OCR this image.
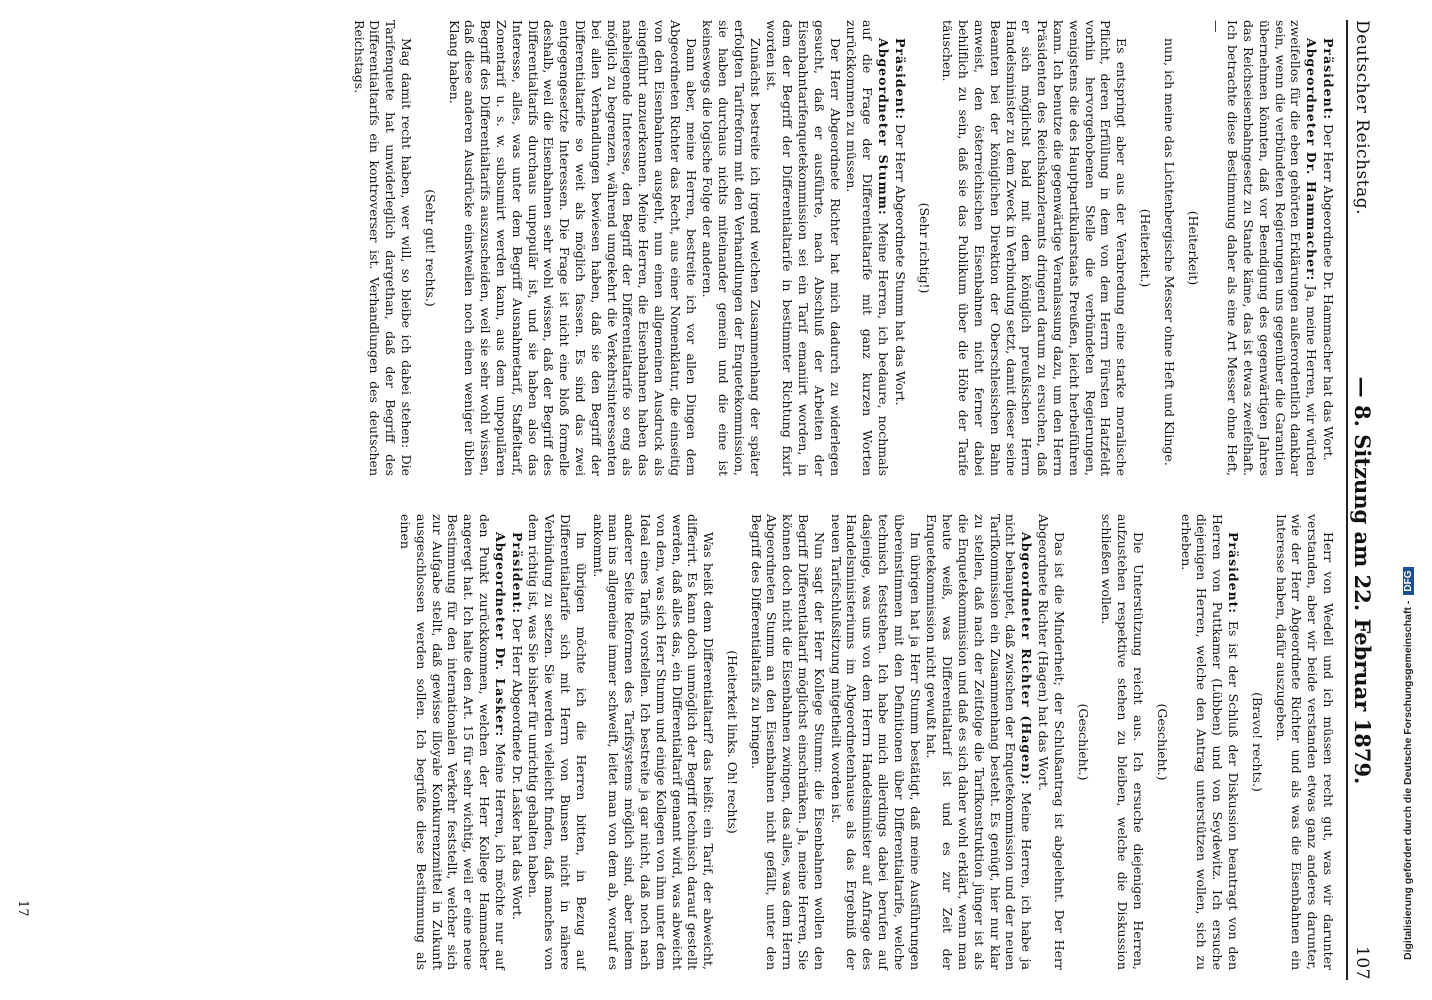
Deutscher Reichstag.
— 8. Sitzung am 22. Februar 1879.
107

Präsident: Der Herr Abgeordnete Dr. Hammacher hat das Wort.

Abgeordneter Dr. Hammacher: Ja, meine Herren, wir würden zweifellos für die eben gehörten Erklärungen außerordentlich dankbar sein, wenn die verbündeten Regierungen uns gegenüber die Garantien übernehmen könnten, daß vor Beendigung des gegenwärtigen Jahres das Reichseisenbahngesetz zu Stande käme, das ist etwas zweifelhaft. Ich betrachte diese Bestimmung daher als eine Art Messer ohne Heft, —

(Heiterkeit)

nun, ich meine das Lichtenbergische Messer ohne Heft und Klinge.

(Heiterkeit.)

Es entspringt aber aus der Verabredung eine starke moralische Pflicht, deren Erfüllung in dem von dem Herrn Fürsten Hatzfeldt vorhin hervorgehobenen Stelle die verbündeten Regierungen, wenigstens die des Hauptpartikularstaats Preußen, leicht herbeiführen kann. Ich benutze die gegenwärtige Veranlassung dazu, um den Herrn Präsidenten des Reichskanzleramts dringend darum zu ersuchen, daß er sich möglichst bald mit dem königlich preußischen Herrn Handelsminister zu dem Zweck in Verbindung setzt, damit dieser seine Beamten bei der königlichen Direktion der Oberschlesischen Bahn anweist, den österreichischen Eisenbahnen nicht ferner dabei behilflich zu sein, daß sie das Publikum über die Höhe der Tarife täuschen.

(Sehr richtig!)

Präsident: Der Herr Abgeordnete Stumm hat das Wort.

Abgeordneter Stumm: Meine Herren, ich bedaure, nochmals auf die Frage der Differentialtarife mit ganz kurzen Worten zurückkommen zu müssen.

Der Herr Abgeordnete Richter hat mich dadurch zu widerlegen gesucht, daß er ausführte, nach Abschluß der Arbeiten der Eisenbahntarifenquetekommission sei ein Tarif emaniirt worden, in dem der Begriff der Differentialtarife in bestimmter Richtung fixirt worden ist.

Zunächst bestreite ich irgend welchen Zusammenhang der später erfolgten Tarifreform mit den Verhandlungen der Enquetekommission, sie haben durchaus nichts miteinander gemein und die eine ist keineswegs die logische Folge der anderen.

Dann aber, meine Herren, bestreite ich vor allen Dingen dem Abgeordneten Richter das Recht, aus einer Nomenklatur, die einseitig von den Eisenbahnen ausgeht, nun einen allgemeinen Ausdruck als eingeführt anzuerkennen. Meine Herren, die Eisenbahnen haben das naheliegende Interesse, den Begriff der Differentialtarife so eng als möglich zu begrenzen, während umgekehrt die Verkehrsinteressenten bei allen Verhandlungen bewiesen haben, daß sie den Begriff der Differentialtarife so weit als möglich fassen. Es sind das zwei entgegengesetzte Interessen. Die Frage ist nicht eine bloß formelle deshalb, weil die Eisenbahnen sehr wohl wissen, daß der Begriff des Differentialtarifs durchaus unpopulär ist, und sie haben also das Interesse, alles, was unter dem Begriff Ausnahmetarif, Staffeltarif, Zonentarif u. s. w. subsumirt werden kann, aus dem unpopulären Begriff des Differentialtarifs auszuscheiden, weil sie sehr wohl wissen, daß diese anderen Ausdrücke einstweilen noch einen weniger üblen Klang haben.

(Sehr gut! rechts.)

Mag damit recht haben, wer will, so bleibe ich dabei stehen: Die Tarifenquete hat unwiderleglich dargethan, daß der Begriff des Differentialtarifs ein kontroverser ist. Verhandlungen des deutschen Reichstags.

Herr von Wedell und ich müssen recht gut, was wir darunter verstanden, aber wir beide verstanden etwas ganz anderes darunter, wie der Herr Abgeordnete Richter und als was die Eisenbahnen ein Interesse haben, dafür auszugeben.

(Bravo! rechts.)

Präsident: Es ist der Schluß der Diskussion beantragt von den Herren von Puttkamer (Lübben) und von Seydewitz. Ich ersuche diejenigen Herren, welche den Antrag unterstützen wollen, sich zu erheben.

(Geschieht.)

Die Unterstützung reicht aus. Ich ersuche diejenigen Herren, aufzustehen respektive stehen zu bleiben, welche die Diskussion schließen wollen.

(Geschieht.)

Das ist die Minderheit; der Schlußantrag ist abgelehnt. Der Herr Abgeordnete Richter (Hagen) hat das Wort.

Abgeordneter Richter (Hagen): Meine Herren, ich habe ja nicht behauptet, daß zwischen der Enquetekommission und der neuen Tarifkommission ein Zusammenhang besteht. Es genügt, hier nur klar zu stellen, daß nach der Zeitfolge die Tarifkonstruktion jünger ist als die Enquetekommission und daß es sich daher wohl erklärt, wenn man heute weiß, was Differentialtarif ist und es zur Zeit der Enquetekommission nicht gewußt hat.

Im übrigen hat ja Herr Stumm bestätigt, daß meine Ausführungen übereinstimmen mit den Definitionen über Differentialtarife, welche technisch feststehen. Ich habe mich allerdings dabei berufen auf dasjenige, was uns von dem Herrn Handelsminister auf Anfrage des Handelsministeriums im Abgeordnetenhause als das Ergebniß der neuen Tarifschlußsitzung mitgetheilt worden ist.

Nun sagt der Herr Kollege Stumm: die Eisenbahnen wollen den Begriff Differentialtarif möglichst einschränken. Ja, meine Herren, Sie können doch nicht die Eisenbahnen zwingen, das alles, was dem Herrn Abgeordneten Stumm an den Eisenbahnen nicht gefällt, unter den Begriff des Differentialtarifs zu bringen.

(Heiterkeit links. Oh! rechts)

Was heißt denn Differentialtarif? das heißt: ein Tarif, der abweicht, differirt. Es kann doch unmöglich der Begriff technisch darauf gestellt werden, daß alles das, ein Differentialtarif genannt wird, was abweicht von dem, was sich Herr Stumm und einige Kollegen von ihm unter dem Ideal eines Tarifs vorstellen. Ich bestreite ja gar nicht, daß noch nach anderer Seite Reformen des Tarifsystems möglich sind, aber indem man ins allgemeine immer schweift, leitet man von dem ab, worauf es ankommt.

Im übrigen möchte ich die Herren bitten, in Bezug auf Differentialtarife sich mit Herrn von Bunsen nicht in nähere Verbindung zu setzen. Sie werden vielleicht finden, daß manches von dem richtig ist, was Sie bisher für unrichtig gehalten haben.

Präsident: Der Herr Abgeordnete Dr. Lasker hat das Wort.

Abgeordneter Dr. Lasker: Meine Herren, ich möchte nur auf den Punkt zurückkommen, welchen der Herr Kollege Hammacher angeregt hat. Ich halte den Art. 15 für sehr wichtig, weil er eine neue Bestimmung für den internationalen Verkehr feststellt, welcher sich zur Aufgabe stellt, daß gewisse illoyale Konkurrenzmittel in Zukunft ausgeschlossen werden sollen. Ich begrüße diese Bestimmung als einen

17	Digitalisierung gefördert durch die Deutsche Forschungsgemeinschaft -DFG
